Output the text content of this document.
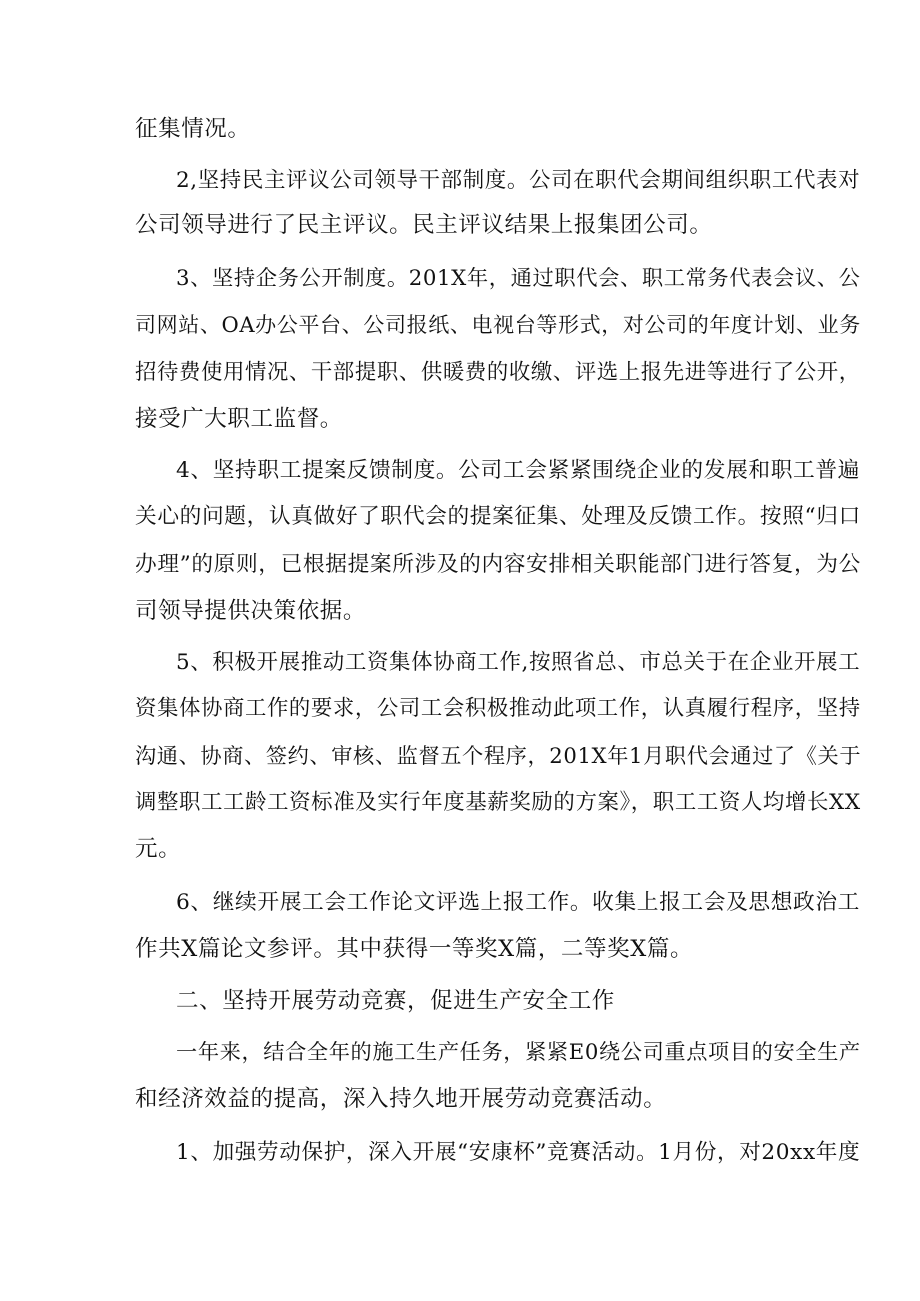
征集情况。
2,坚持民主评议公司领导干部制度。公司在职代会期间组织职工代表对
公司领导进行了民主评议。民主评议结果上报集团公司。
3、坚持企务公开制度。201X年，通过职代会、职工常务代表会议、公
司网站、OA办公平台、公司报纸、电视台等形式，对公司的年度计划、业务
招待费使用情况、干部提职、供暖费的收缴、评选上报先进等进行了公开，
接受广大职工监督。
4、坚持职工提案反馈制度。公司工会紧紧围绕企业的发展和职工普遍
关心的问题，认真做好了职代会的提案征集、处理及反馈工作。按照“归口
办理”的原则，已根据提案所涉及的内容安排相关职能部门进行答复，为公
司领导提供决策依据。
5、积极开展推动工资集体协商工作,按照省总、市总关于在企业开展工
资集体协商工作的要求，公司工会积极推动此项工作，认真履行程序，坚持
沟通、协商、签约、审核、监督五个程序，201X年1月职代会通过了《关于
调整职工工龄工资标准及实行年度基薪奖励的方案》，职工工资人均增长XX
元。
6、继续开展工会工作论文评选上报工作。收集上报工会及思想政治工
作共X篇论文参评。其中获得一等奖X篇，二等奖X篇。
二、坚持开展劳动竞赛，促进生产安全工作
一年来，结合全年的施工生产任务，紧紧E0绕公司重点项目的安全生产
和经济效益的提高，深入持久地开展劳动竞赛活动。
1、加强劳动保护，深入开展“安康杯”竞赛活动。1月份，对20xx年度
